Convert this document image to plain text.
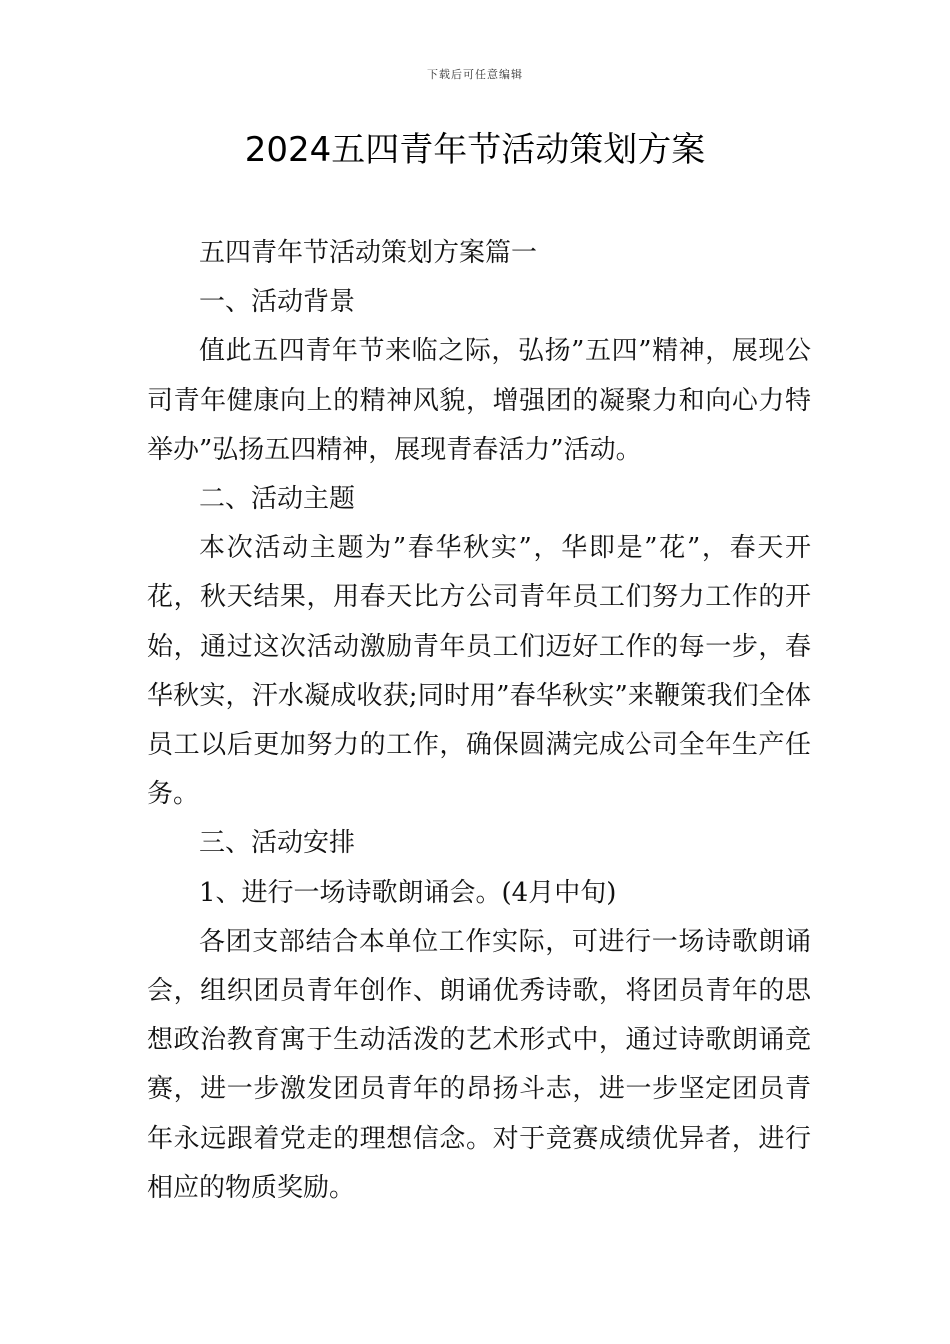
下载后可任意编辑
2024五四青年节活动策划方案

五四青年节活动策划方案篇一

一、活动背景

值此五四青年节来临之际，弘扬”五四”精神，展现公司青年健康向上的精神风貌，增强团的凝聚力和向心力特举办”弘扬五四精神，展现青春活力”活动。

二、活动主题

本次活动主题为”春华秋实”，华即是”花”，春天开花，秋天结果，用春天比方公司青年员工们努力工作的开始，通过这次活动激励青年员工们迈好工作的每一步，春华秋实，汗水凝成收获;同时用”春华秋实”来鞭策我们全体员工以后更加努力的工作，确保圆满完成公司全年生产任务。

三、活动安排

1、进行一场诗歌朗诵会。(4月中旬)

各团支部结合本单位工作实际，可进行一场诗歌朗诵会，组织团员青年创作、朗诵优秀诗歌，将团员青年的思想政治教育寓于生动活泼的艺术形式中，通过诗歌朗诵竞赛，进一步激发团员青年的昂扬斗志，进一步坚定团员青年永远跟着党走的理想信念。对于竞赛成绩优异者，进行相应的物质奖励。
